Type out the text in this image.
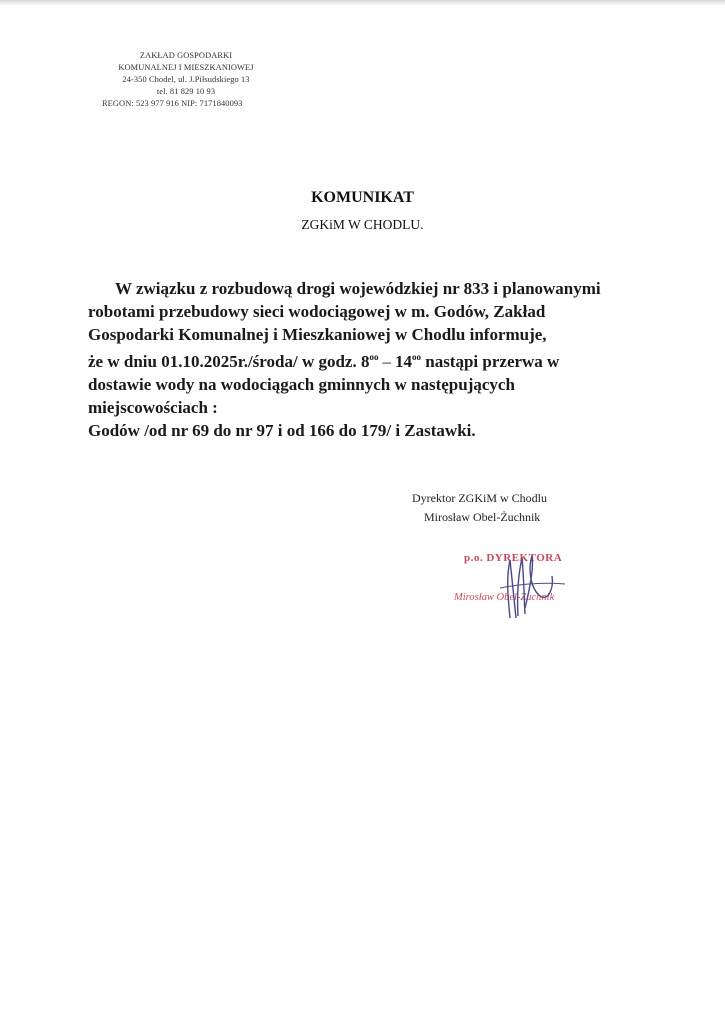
ZAKŁAD GOSPODARKI
KOMUNALNEJ I MIESZKANIOWEJ
24-350 Chodel, ul. J.Piłsudskiego 13
tel. 81 829 10 93
REGON: 523 977 916 NIP: 7171840093
KOMUNIKAT
ZGKiM W CHODLU.

W związku z rozbudową drogi wojewódzkiej nr 833 i planowanymi

robotami przebudowy sieci wodociągowej w m. Godów, Zakład

Gospodarki Komunalnej i Mieszkaniowej w Chodlu informuje,

że w dniu 01.10.2025r./środa/ w godz. $8^{oo} - 14^{oo}$ nastąpi przerwa w

dostawie wody na wodociągach gminnych w następujących

miejscowościach :

Godów /od nr 69 do nr 97 i od 166 do 179/ i Zastawki.

Dyrektor ZGKiM w Chodlu
Mirosław Obel-Żuchnik
p.o. DYREKTORA
Mirosław Obel-Żuchnik
